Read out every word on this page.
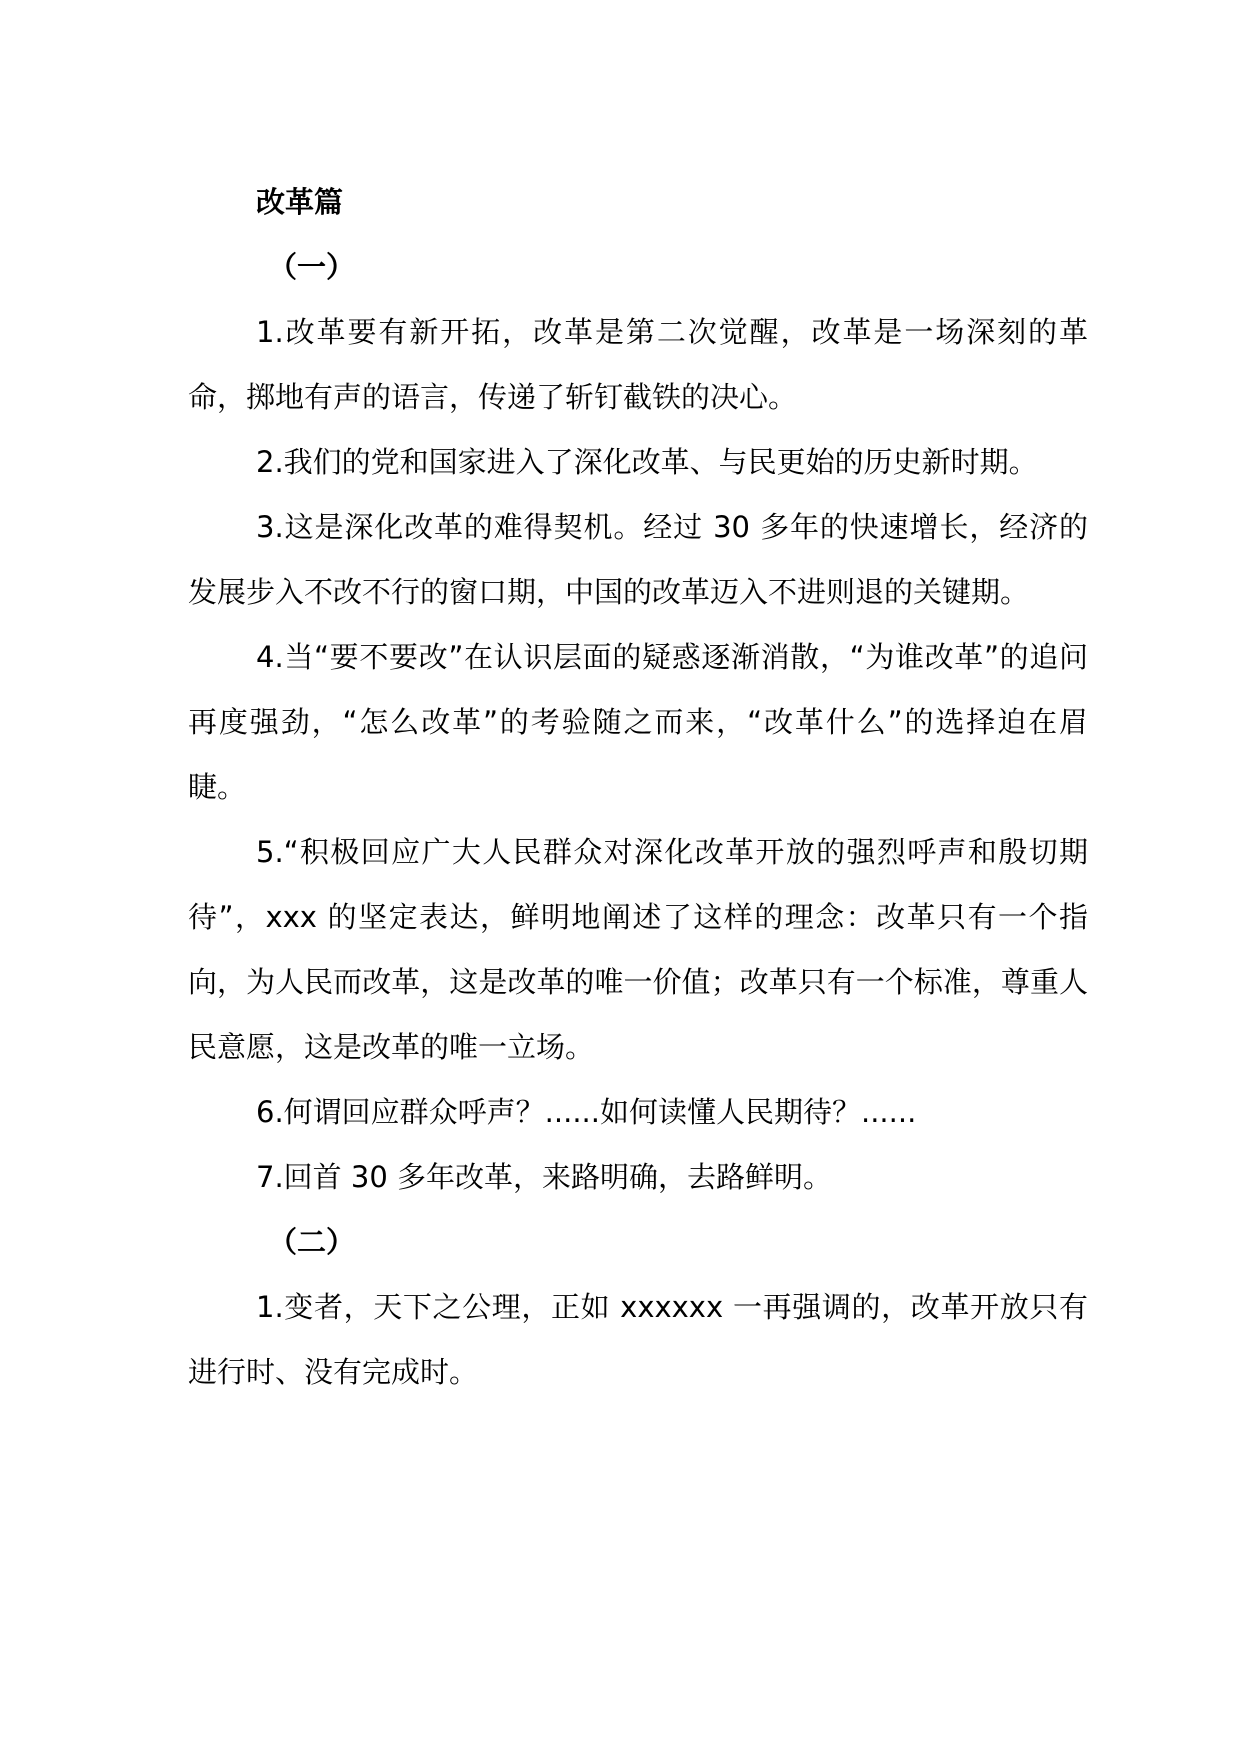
改革篇

（一）

1.改革要有新开拓，改革是第二次觉醒，改革是一场深刻的革命，掷地有声的语言，传递了斩钉截铁的决心。

2.我们的党和国家进入了深化改革、与民更始的历史新时期。

3.这是深化改革的难得契机。经过 30 多年的快速增长，经济的发展步入不改不行的窗口期，中国的改革迈入不进则退的关键期。

4.当“要不要改”在认识层面的疑惑逐渐消散，“为谁改革”的追问再度强劲，“怎么改革”的考验随之而来，“改革什么”的选择迫在眉睫。

5.“积极回应广大人民群众对深化改革开放的强烈呼声和殷切期待”，xxx 的坚定表达，鲜明地阐述了这样的理念：改革只有一个指向，为人民而改革，这是改革的唯一价值；改革只有一个标准，尊重人民意愿，这是改革的唯一立场。

6.何谓回应群众呼声？......如何读懂人民期待？......

7.回首 30 多年改革，来路明确，去路鲜明。

（二）

1.变者，天下之公理，正如 xxxxxx 一再强调的，改革开放只有进行时、没有完成时。
